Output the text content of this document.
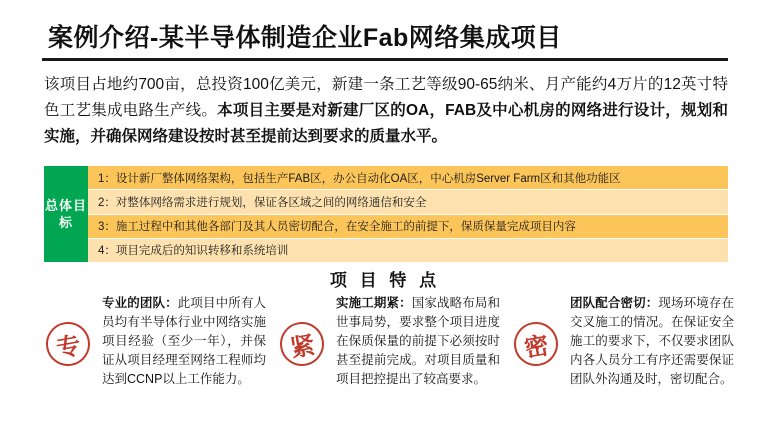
案例介绍-某半导体制造企业Fab网络集成项目
该项目占地约700亩，总投资100亿美元，新建一条工艺等级90-65纳米、月产能约4万片的12英寸特色工艺集成电路生产线。本项目主要是对新建厂区的OA，FAB及中心机房的网络进行设计，规划和实施，并确保网络建设按时甚至提前达到要求的质量水平。
总体目标
1：设计新厂整体网络架构，包括生产FAB区，办公自动化OA区，中心机房Server Farm区和其他功能区
2：对整体网络需求进行规划，保证各区域之间的网络通信和安全
3：施工过程中和其他各部门及其人员密切配合，在安全施工的前提下，保质保量完成项目内容
4：项目完成后的知识转移和系统培训
项 目 特 点
专
专业的团队：此项目中所有人员均有半导体行业中网络实施项目经验（至少一年），并保证从项目经理至网络工程师均达到CCNP以上工作能力。
紧
实施工期紧：国家战略布局和世事局势，要求整个项目进度在保质保量的前提下必须按时甚至提前完成。对项目质量和项目把控提出了较高要求。
密
团队配合密切：现场环境存在交叉施工的情况。在保证安全施工的要求下，不仅要求团队内各人员分工有序还需要保证团队外沟通及时，密切配合。
